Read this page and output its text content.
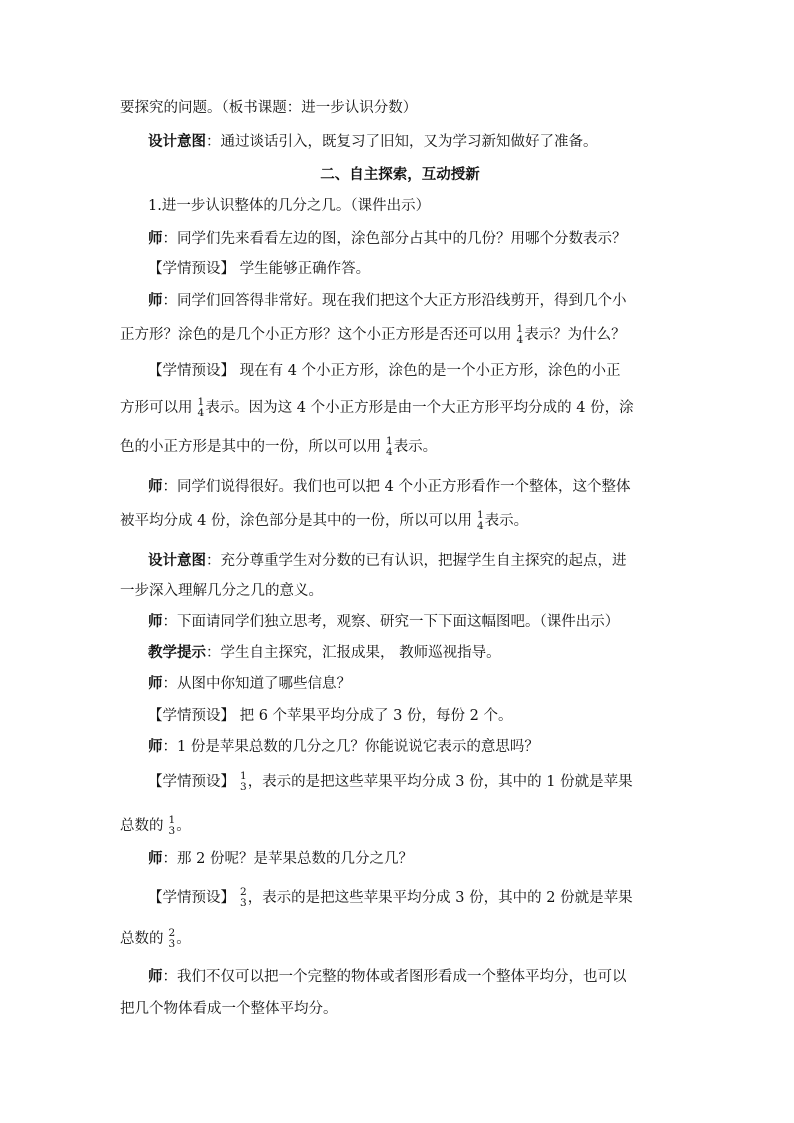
要探究的问题。（板书课题：进一步认识分数）
设计意图：通过谈话引入，既复习了旧知，又为学习新知做好了准备。
二、自主探索，互动授新
1.进一步认识整体的几分之几。（课件出示）
师：同学们先来看看左边的图，涂色部分占其中的几份？用哪个分数表示？
【学情预设】 学生能够正确作答。
师：同学们回答得非常好。现在我们把这个大正方形沿线剪开，得到几个小
正方形？涂色的是几个小正方形？这个小正方形是否还可以用 1
4 表示？为什么？
【学情预设】 现在有 4 个小正方形，涂色的是一个小正方形，涂色的小正
方形可以用 1
4 表示。因为这 4 个小正方形是由一个大正方形平均分成的 4 份，涂
色的小正方形是其中的一份，所以可以用 1
4 表示。
师：同学们说得很好。我们也可以把 4 个小正方形看作一个整体，这个整体
被平均分成 4 份，涂色部分是其中的一份，所以可以用 1
4 表示。
设计意图：充分尊重学生对分数的已有认识，把握学生自主探究的起点，进
一步深入理解几分之几的意义。
师：下面请同学们独立思考，观察、研究一下下面这幅图吧。（课件出示）
教学提示：学生自主探究，汇报成果， 教师巡视指导。
师：从图中你知道了哪些信息？
【学情预设】 把 6 个苹果平均分成了 3 份，每份 2 个。
师：1 份是苹果总数的几分之几？你能说说它表示的意思吗？
【学情预设】 1
3 ，表示的是把这些苹果平均分成 3 份，其中的 1 份就是苹果
总数的 1
3 。
师：那 2 份呢？是苹果总数的几分之几？
【学情预设】 2
3 ，表示的是把这些苹果平均分成 3 份，其中的 2 份就是苹果
总数的 2
3 。
师：我们不仅可以把一个完整的物体或者图形看成一个整体平均分，也可以
把几个物体看成一个整体平均分。
